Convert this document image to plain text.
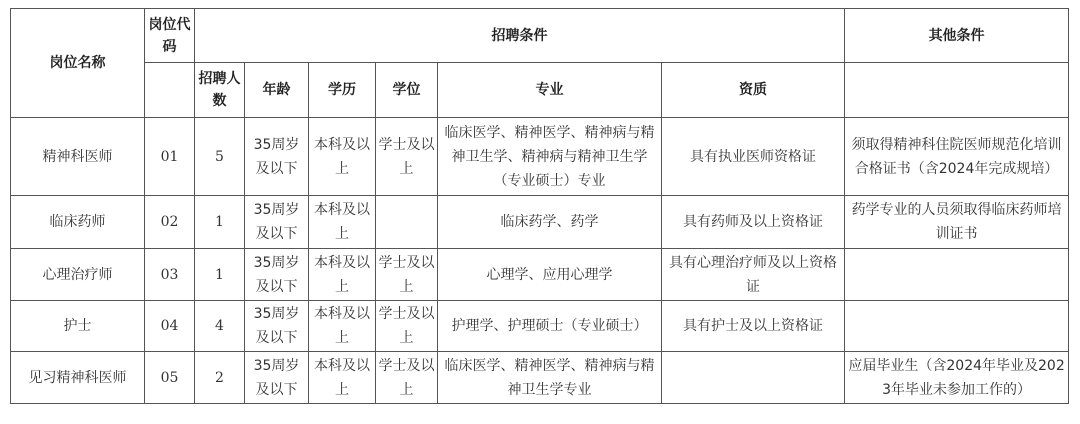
岗位名称	岗位代码	招聘条件						其他条件
		招聘人数	年龄	学历	学位	专业	资质	
精神科医师	01	5	35周岁及以下	本科及以上	学士及以上	临床医学、精神医学、精神病与精神卫生学、精神病与精神卫生学（专业硕士）专业	具有执业医师资格证	须取得精神科住院医师规范化培训合格证书（含2024年完成规培）
临床药师	02	1	35周岁及以下	本科及以上		临床药学、药学	具有药师及以上资格证	药学专业的人员须取得临床药师培训证书
心理治疗师	03	1	35周岁及以下	本科及以上	学士及以上	心理学、应用心理学	具有心理治疗师及以上资格证	
护士	04	4	35周岁及以下	本科及以上	学士及以上	护理学、护理硕士（专业硕士）	具有护士及以上资格证	
见习精神科医师	05	2	35周岁及以下	本科及以上	学士及以上	临床医学、精神医学、精神病与精神卫生学专业		应届毕业生（含2024年毕业及2023年毕业未参加工作的）
